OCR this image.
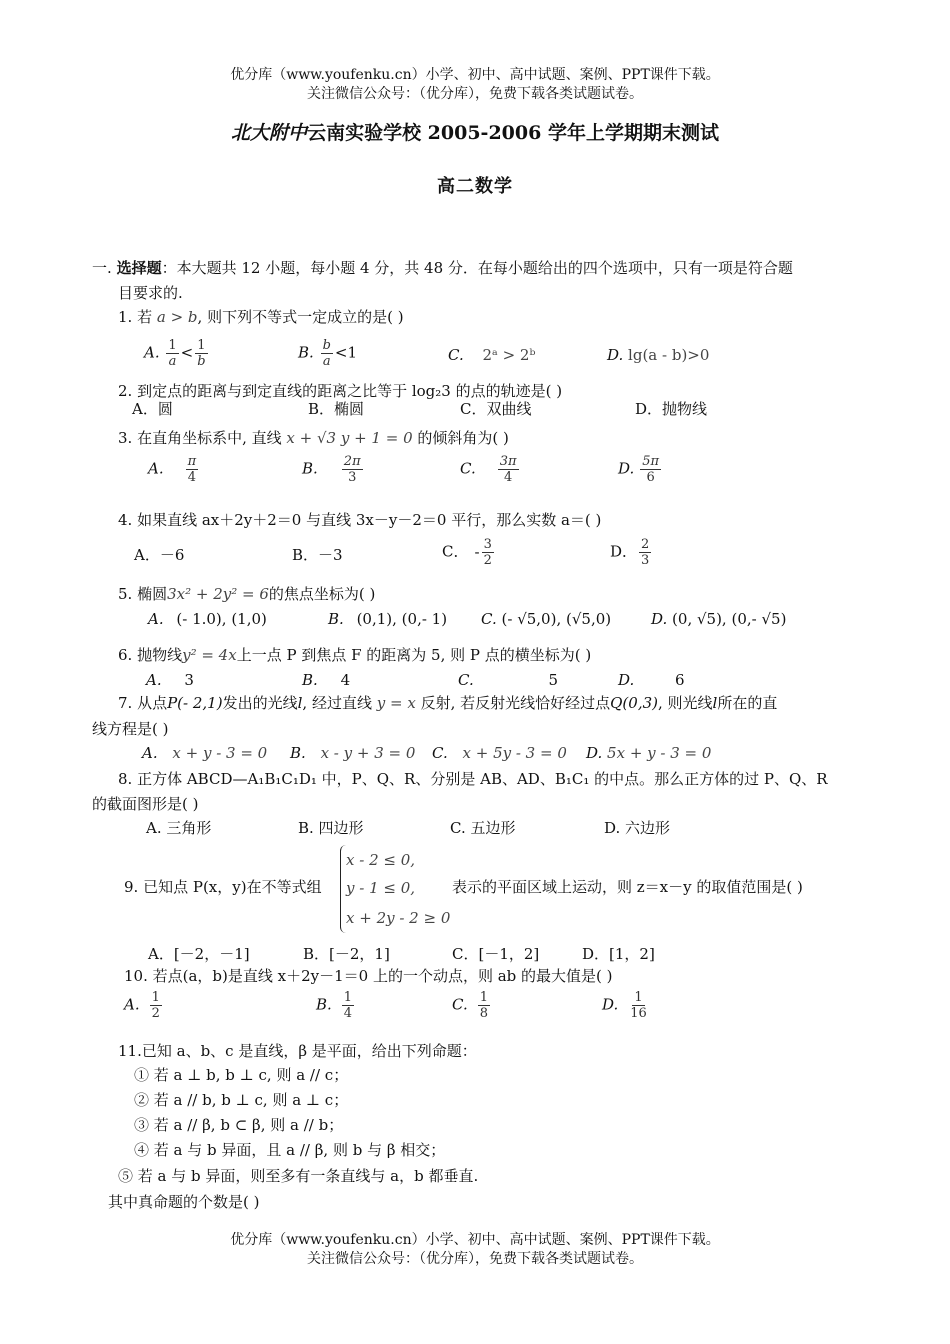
优分库（www.youfenku.cn）小学、初中、高中试题、案例、PPT课件下载。
关注微信公众号：（优分库），免费下载各类试题试卷。
北大附中云南实验学校 2005-2006 学年上学期期末测试
高二数学
一. 选择题：本大题共 12 小题，每小题 4 分，共 48 分．在每小题给出的四个选项中，只有一项是符合题
目要求的.
1. 若 a > b, 则下列不等式一定成立的是( )
A. $\frac{1}{a} < \frac{1}{b}$	B. $\frac{b}{a} <1$	C. 2ᵃ > 2ᵇ	D. lg(a - b)>0
2. 到定点的距离与到定直线的距离之比等于 log₂3 的点的轨迹是( )
A．圆	B．椭圆	C．双曲线	D．抛物线
3. 在直角坐标系中, 直线 x + √3 y + 1 = 0 的倾斜角为( )
A. $\frac{\pi}{4}$	B. $\frac{2\pi}{3}$	C. $\frac{3\pi}{4}$	D. $\frac{5\pi}{6}$
4. 如果直线 ax＋2y＋2＝0 与直线 3x－y－2＝0 平行，那么实数 a＝( )
A．－6	B．－3	C． - $\frac{3}{2}$	D． $\frac{2}{3}$
5. 椭圆3x² + 2y² = 6的焦点坐标为( )
A. (- 1.0), (1,0)	B. (0,1), (0,- 1) C. (- √5,0), (√5,0)	D. (0, √5), (0,- √5)
6. 抛物线y² = 4x上一点 P 到焦点 F 的距离为 5, 则 P 点的横坐标为( )
A. 3	B. 4	C.	5	D.	6
7. 从点P(- 2,1)发出的光线l, 经过直线 y = x 反射, 若反射光线恰好经过点Q(0,3), 则光线l所在的直
线方程是( )
A. x + y - 3 = 0 B. x - y + 3 = 0 C. x + 5y - 3 = 0 D. 5x + y - 3 = 0
8. 正方体 ABCD—A₁B₁C₁D₁ 中，P、Q、R、分别是 AB、AD、B₁C₁ 的中点。那么正方体的过 P、Q、R
的截面图形是( )
A. 三角形	B. 四边形	C. 五边形	D. 六边形
9. 已知点 P(x，y)在不等式组
x - 2 ≤ 0,
y - 1 ≤ 0,
x + 2y - 2 ≥ 0
表示的平面区域上运动，则 z＝x－y 的取值范围是( )
A．[－2，－1]	B．[－2，1]	C．[－1，2]	D．[1，2]
10. 若点(a，b)是直线 x＋2y－1＝0 上的一个动点，则 ab 的最大值是( )
A. $\frac{1}{2}$	B. $\frac{1}{4}$	C. $\frac{1}{8}$	D. $\frac{1}{16}$
11.已知 a、b、c 是直线，β 是平面，给出下列命题：
① 若 a ⊥ b, b ⊥ c, 则 a // c；
② 若 a // b, b ⊥ c, 则 a ⊥ c；
③ 若 a // β, b ⊂ β, 则 a // b；
④ 若 a 与 b 异面，且 a // β, 则 b 与 β 相交；
⑤ 若 a 与 b 异面，则至多有一条直线与 a，b 都垂直.
其中真命题的个数是( )
优分库（www.youfenku.cn）小学、初中、高中试题、案例、PPT课件下载。
关注微信公众号：（优分库），免费下载各类试题试卷。
